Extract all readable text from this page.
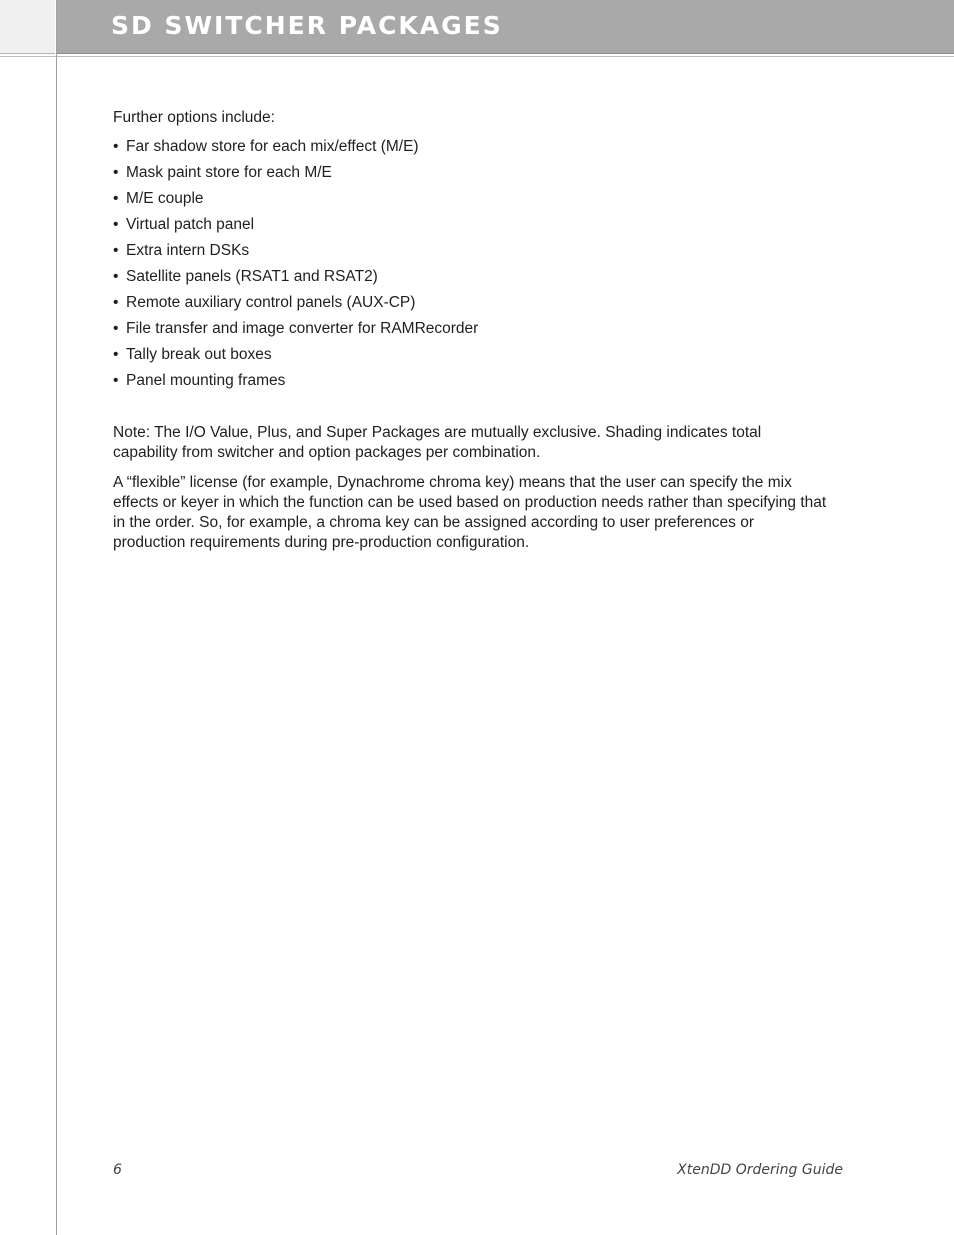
SD SWITCHER PACKAGES

Further options include:

• Far shadow store for each mix/effect (M/E)
• Mask paint store for each M/E
• M/E couple
• Virtual patch panel
• Extra intern DSKs
• Satellite panels (RSAT1 and RSAT2)
• Remote auxiliary control panels (AUX-CP)
• File transfer and image converter for RAMRecorder
• Tally break out boxes
• Panel mounting frames

Note: The I/O Value, Plus, and Super Packages are mutually exclusive. Shading indicates total capability from switcher and option packages per combination.

A “flexible” license (for example, Dynachrome chroma key) means that the user can specify the mix effects or keyer in which the function can be used based on production needs rather than specifying that in the order. So, for example, a chroma key can be assigned according to user preferences or production requirements during pre-production configuration.

6	XtenDD Ordering Guide
